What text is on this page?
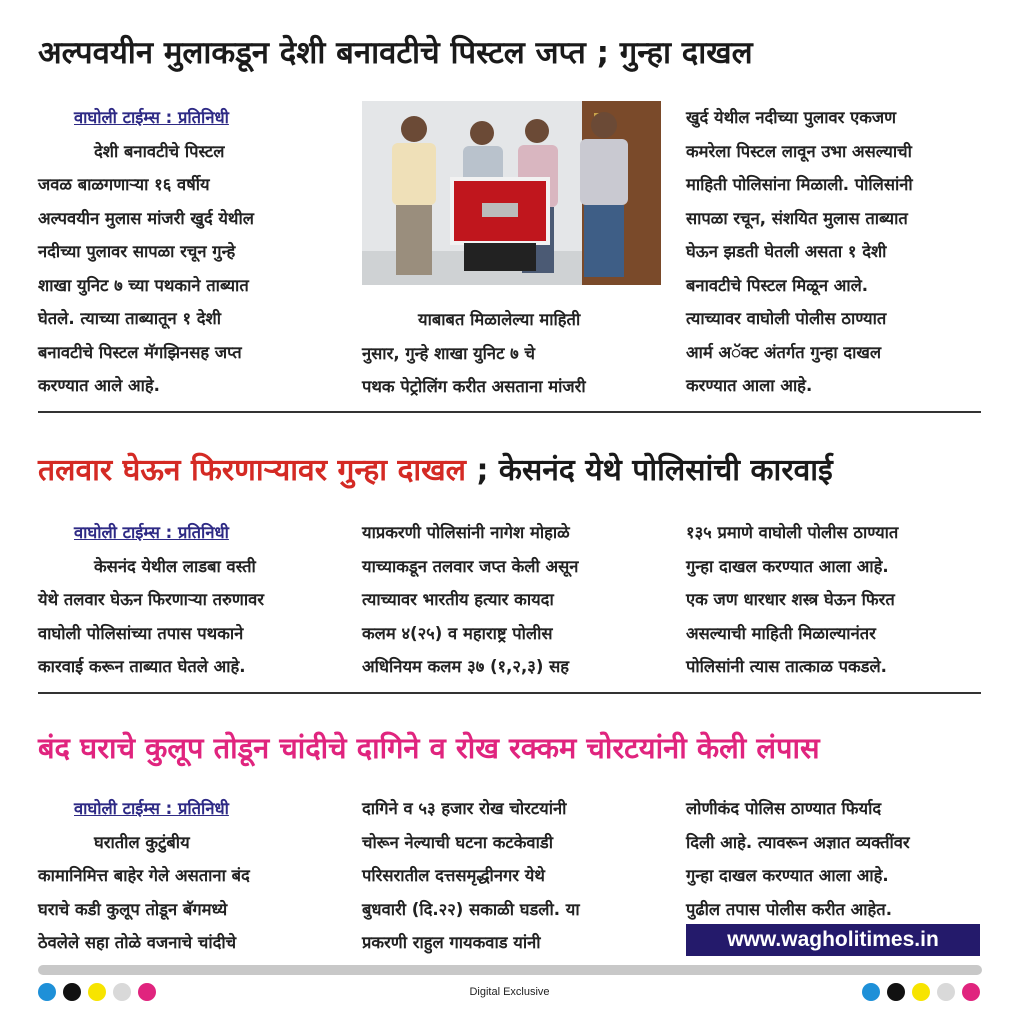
अल्पवयीन मुलाकडून देशी बनावटीचे पिस्टल जप्त ; गुन्हा दाखल
वाघोली टाईम्स : प्रतिनिधी
देशी बनावटीचे पिस्टल
जवळ बाळगणाऱ्या १६ वर्षीय
अल्पवयीन मुलास मांजरी खुर्द येथील
नदीच्या पुलावर सापळा रचून गुन्हे
शाखा युनिट ७ च्या पथकाने ताब्यात
घेतले. त्याच्या ताब्यातून १ देशी
बनावटीचे पिस्टल मॅगझिनसह जप्त
करण्यात आले आहे.
याबाबत मिळालेल्या माहिती
नुसार, गुन्हे शाखा युनिट ७ चे
पथक पेट्रोलिंग करीत असताना मांजरी
खुर्द येथील नदीच्या पुलावर एकजण
कमरेला पिस्टल लावून उभा असल्याची
माहिती पोलिसांना मिळाली. पोलिसांनी
सापळा रचून, संशयित मुलास ताब्यात
घेऊन झडती घेतली असता १ देशी
बनावटीचे पिस्टल मिळून आले.
त्याच्यावर वाघोली पोलीस ठाण्यात
आर्म अॅक्ट अंतर्गत गुन्हा दाखल
करण्यात आला आहे.
तलवार घेऊन फिरणाऱ्यावर गुन्हा दाखल ; केसनंद येथे पोलिसांची कारवाई
वाघोली टाईम्स : प्रतिनिधी
केसनंद येथील लाडबा वस्ती
येथे तलवार घेऊन फिरणाऱ्या तरुणावर
वाघोली पोलिसांच्या तपास पथकाने
कारवाई करून ताब्यात घेतले आहे.
याप्रकरणी पोलिसांनी नागेश मोहाळे
याच्याकडून तलवार जप्त केली असून
त्याच्यावर भारतीय हत्यार कायदा
कलम ४(२५) व महाराष्ट्र पोलीस
अधिनियम कलम ३७ (१,२,३) सह
१३५ प्रमाणे वाघोली पोलीस ठाण्यात
गुन्हा दाखल करण्यात आला आहे.
एक जण धारधार शस्त्र घेऊन फिरत
असल्याची माहिती मिळाल्यानंतर
पोलिसांनी त्यास तात्काळ पकडले.
बंद घराचे कुलूप तोडून चांदीचे दागिने व रोख रक्कम चोरटयांनी केली लंपास
वाघोली टाईम्स : प्रतिनिधी
घरातील कुटुंबीय
कामानिमित्त बाहेर गेले असताना बंद
घराचे कडी कुलूप तोडून बॅगमध्ये
ठेवलेले सहा तोळे वजनाचे चांदीचे
दागिने व ५३ हजार रोख चोरटयांनी
चोरून नेल्याची घटना कटकेवाडी
परिसरातील दत्तसमृद्धीनगर येथे
बुधवारी (दि.२२) सकाळी घडली. या
प्रकरणी राहुल गायकवाड यांनी
लोणीकंद पोलिस ठाण्यात फिर्याद
दिली आहे. त्यावरून अज्ञात व्यक्तींवर
गुन्हा दाखल करण्यात आला आहे.
पुढील तपास पोलीस करीत आहेत.
www.wagholitimes.in
Digital Exclusive
